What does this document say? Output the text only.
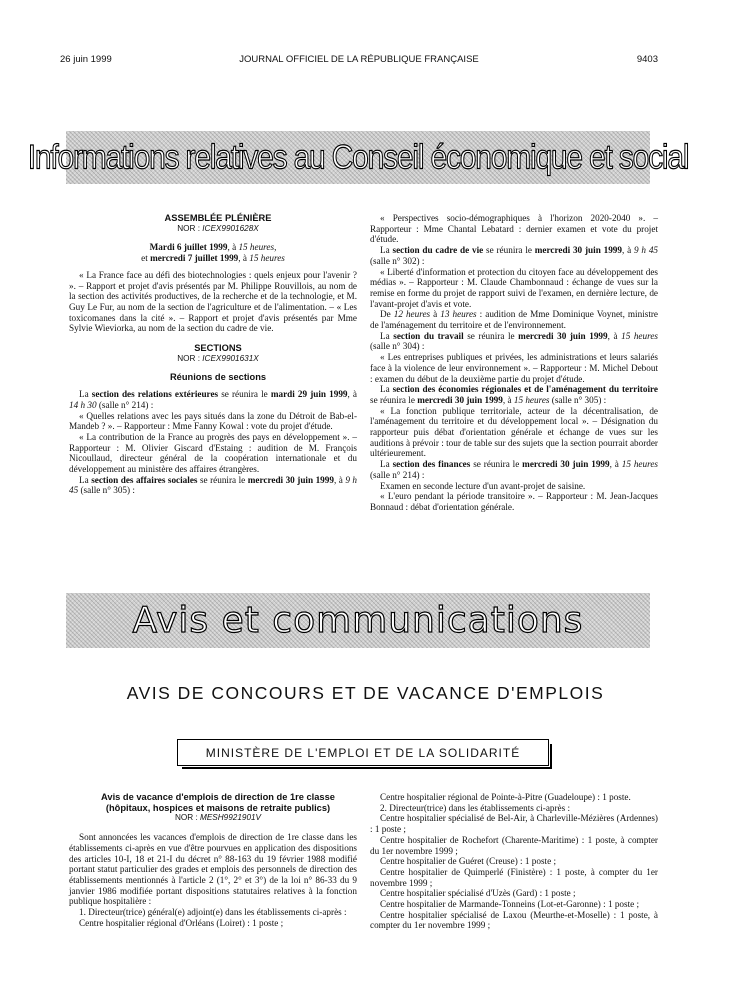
26 juin 1999	JOURNAL OFFICIEL DE LA RÉPUBLIQUE FRANÇAISE	9403
Informations relatives au Conseil économique et social

ASSEMBLÉE PLÉNIÈRE

NOR : ICEX9901628X

Mardi 6 juillet 1999, à 15 heures,

et mercredi 7 juillet 1999, à 15 heures

« La France face au défi des biotechnologies : quels enjeux pour l'avenir ? ». – Rapport et projet d'avis présentés par M. Philippe Rouvillois, au nom de la section des activités productives, de la recherche et de la technologie, et M. Guy Le Fur, au nom de la section de l'agriculture et de l'alimentation. – « Les toxicomanes dans la cité ». – Rapport et projet d'avis présentés par Mme Sylvie Wieviorka, au nom de la section du cadre de vie.

SECTIONS

NOR : ICEX9901631X

Réunions de sections

La section des relations extérieures se réunira le mardi 29 juin 1999, à 14 h 30 (salle n° 214) :

« Quelles relations avec les pays situés dans la zone du Détroit de Bab-el-Mandeb ? ». – Rapporteur : Mme Fanny Kowal : vote du projet d'étude.

« La contribution de la France au progrès des pays en développement ». – Rapporteur : M. Olivier Giscard d'Estaing : audition de M. François Nicoullaud, directeur général de la coopération internationale et du développement au ministère des affaires étrangères.

La section des affaires sociales se réunira le mercredi 30 juin 1999, à 9 h 45 (salle n° 305) :

« Perspectives socio-démographiques à l'horizon 2020-2040 ». – Rapporteur : Mme Chantal Lebatard : dernier examen et vote du projet d'étude.

La section du cadre de vie se réunira le mercredi 30 juin 1999, à 9 h 45 (salle n° 302) :

« Liberté d'information et protection du citoyen face au développement des médias ». – Rapporteur : M. Claude Chambonnaud : échange de vues sur la remise en forme du projet de rapport suivi de l'examen, en dernière lecture, de l'avant-projet d'avis et vote.

De 12 heures à 13 heures : audition de Mme Dominique Voynet, ministre de l'aménagement du territoire et de l'environnement.

La section du travail se réunira le mercredi 30 juin 1999, à 15 heures (salle n° 304) :

« Les entreprises publiques et privées, les administrations et leurs salariés face à la violence de leur environnement ». – Rapporteur : M. Michel Debout : examen du début de la deuxième partie du projet d'étude.

La section des économies régionales et de l'aménagement du territoire se réunira le mercredi 30 juin 1999, à 15 heures (salle n° 305) :

« La fonction publique territoriale, acteur de la décentralisation, de l'aménagement du territoire et du développement local ». – Désignation du rapporteur puis débat d'orientation générale et échange de vues sur les auditions à prévoir : tour de table sur des sujets que la section pourrait aborder ultérieurement.

La section des finances se réunira le mercredi 30 juin 1999, à 15 heures (salle n° 214) :

Examen en seconde lecture d'un avant-projet de saisine.

« L'euro pendant la période transitoire ». – Rapporteur : M. Jean-Jacques Bonnaud : débat d'orientation générale.

Avis et communications
AVIS DE CONCOURS ET DE VACANCE D'EMPLOIS
MINISTÈRE DE L'EMPLOI ET DE LA SOLIDARITÉ

Avis de vacance d'emplois de direction de 1re classe

(hôpitaux, hospices et maisons de retraite publics)

NOR : MESH9921901V

Sont annoncées les vacances d'emplois de direction de 1re classe dans les établissements ci-après en vue d'être pourvues en application des dispositions des articles 10-I, 18 et 21-I du décret n° 88-163 du 19 février 1988 modifié portant statut particulier des grades et emplois des personnels de direction des établissements mentionnés à l'article 2 (1°, 2° et 3°) de la loi n° 86-33 du 9 janvier 1986 modifiée portant dispositions statutaires relatives à la fonction publique hospitalière :

1. Directeur(trice) général(e) adjoint(e) dans les établissements ci-après :

Centre hospitalier régional d'Orléans (Loiret) : 1 poste ;

Centre hospitalier régional de Pointe-à-Pitre (Guadeloupe) : 1 poste.

2. Directeur(trice) dans les établissements ci-après :

Centre hospitalier spécialisé de Bel-Air, à Charleville-Mézières (Ardennes) : 1 poste ;

Centre hospitalier de Rochefort (Charente-Maritime) : 1 poste, à compter du 1er novembre 1999 ;

Centre hospitalier de Guéret (Creuse) : 1 poste ;

Centre hospitalier de Quimperlé (Finistère) : 1 poste, à compter du 1er novembre 1999 ;

Centre hospitalier spécialisé d'Uzès (Gard) : 1 poste ;

Centre hospitalier de Marmande-Tonneins (Lot-et-Garonne) : 1 poste ;

Centre hospitalier spécialisé de Laxou (Meurthe-et-Moselle) : 1 poste, à compter du 1er novembre 1999 ;
